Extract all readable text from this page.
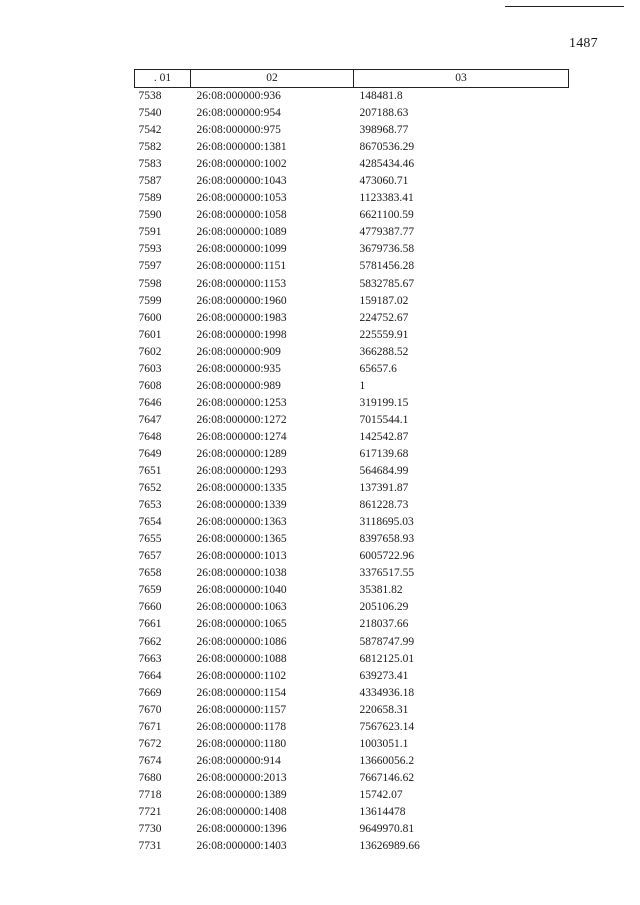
1487
. 01	02	03
7538	26:08:000000:936	148481.8
7540	26:08:000000:954	207188.63
7542	26:08:000000:975	398968.77
7582	26:08:000000:1381	8670536.29
7583	26:08:000000:1002	4285434.46
7587	26:08:000000:1043	473060.71
7589	26:08:000000:1053	1123383.41
7590	26:08:000000:1058	6621100.59
7591	26:08:000000:1089	4779387.77
7593	26:08:000000:1099	3679736.58
7597	26:08:000000:1151	5781456.28
7598	26:08:000000:1153	5832785.67
7599	26:08:000000:1960	159187.02
7600	26:08:000000:1983	224752.67
7601	26:08:000000:1998	225559.91
7602	26:08:000000:909	366288.52
7603	26:08:000000:935	65657.6
7608	26:08:000000:989	1
7646	26:08:000000:1253	319199.15
7647	26:08:000000:1272	7015544.1
7648	26:08:000000:1274	142542.87
7649	26:08:000000:1289	617139.68
7651	26:08:000000:1293	564684.99
7652	26:08:000000:1335	137391.87
7653	26:08:000000:1339	861228.73
7654	26:08:000000:1363	3118695.03
7655	26:08:000000:1365	8397658.93
7657	26:08:000000:1013	6005722.96
7658	26:08:000000:1038	3376517.55
7659	26:08:000000:1040	35381.82
7660	26:08:000000:1063	205106.29
7661	26:08:000000:1065	218037.66
7662	26:08:000000:1086	5878747.99
7663	26:08:000000:1088	6812125.01
7664	26:08:000000:1102	639273.41
7669	26:08:000000:1154	4334936.18
7670	26:08:000000:1157	220658.31
7671	26:08:000000:1178	7567623.14
7672	26:08:000000:1180	1003051.1
7674	26:08:000000:914	13660056.2
7680	26:08:000000:2013	7667146.62
7718	26:08:000000:1389	15742.07
7721	26:08:000000:1408	13614478
7730	26:08:000000:1396	9649970.81
7731	26:08:000000:1403	13626989.66
